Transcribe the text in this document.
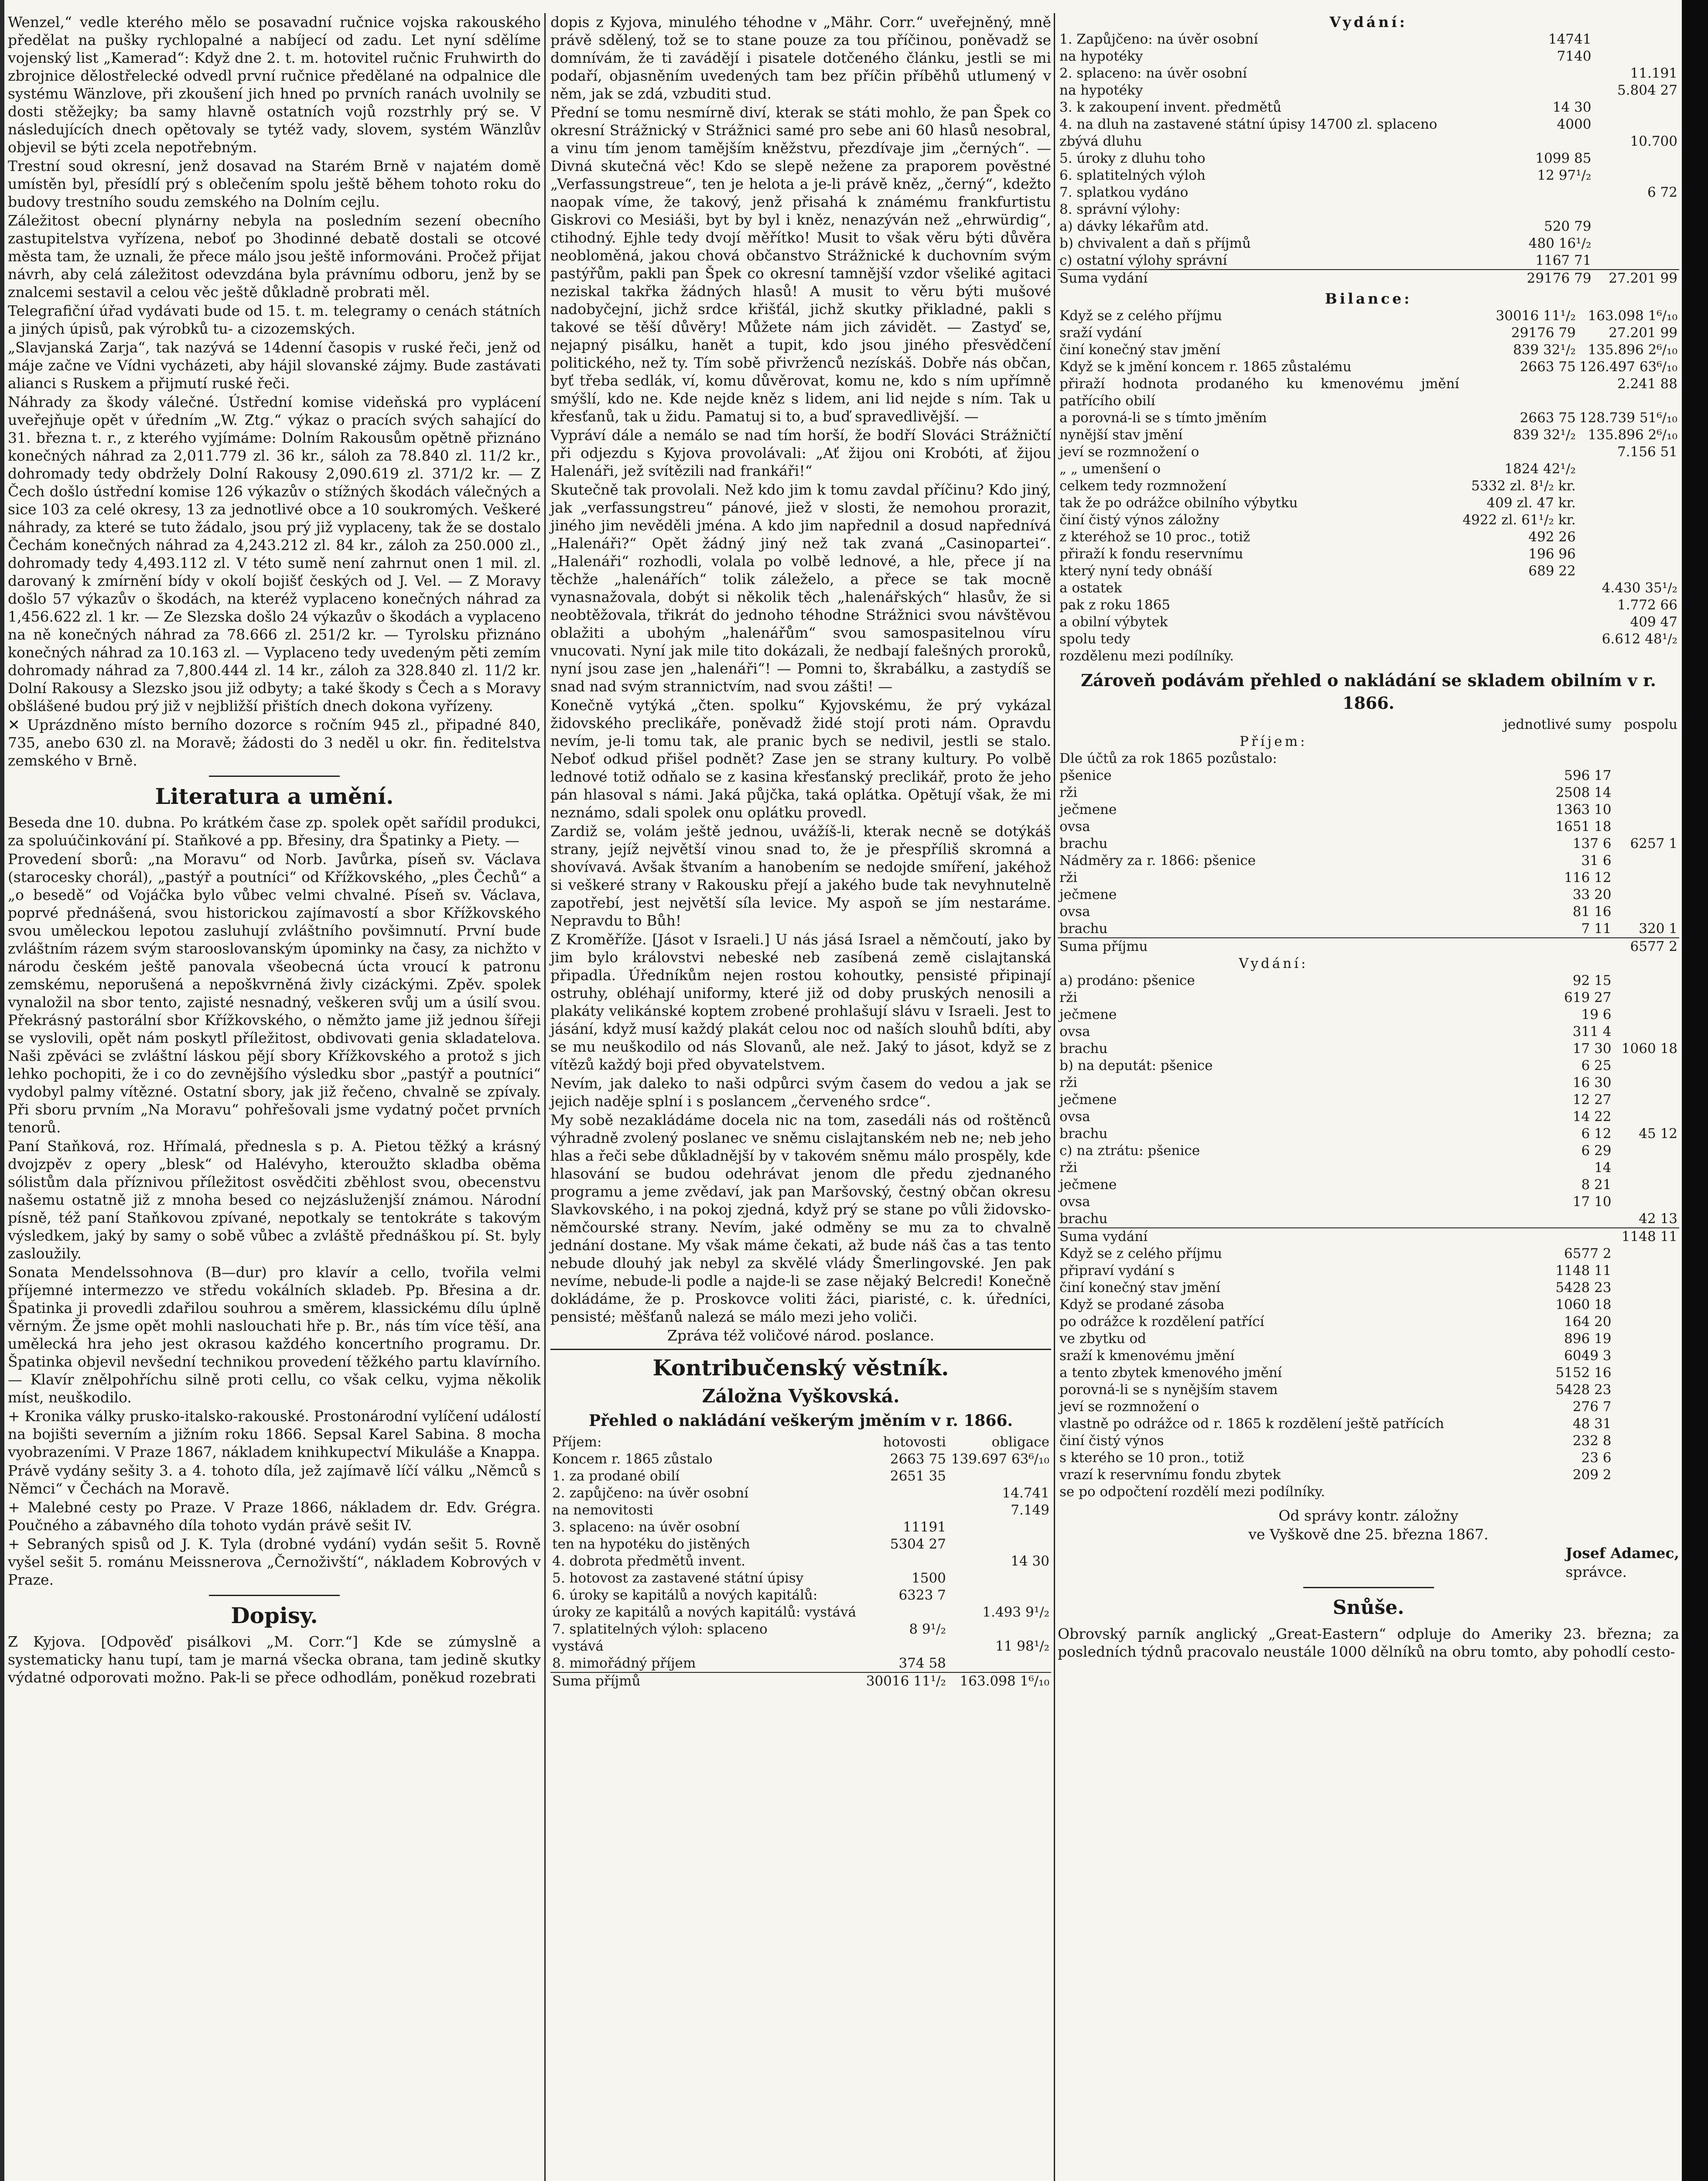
Wenzel,“ vedle kterého mělo se posavadní ručnice vojska rakouského předělat na pušky rychlopalné a nabíjecí od zadu. Let nyní sdělíme vojenský list „Kamerad“: Když dne 2. t. m. hotovitel ručnic Fruhwirth do zbrojnice dělostřelecké odvedl první ručnice předělané na odpalnice dle systému Wänzlove, při zkoušení jich hned po prvních ranách uvolnily se dosti stěžejky; ba samy hlavně ostatních vojů rozstrhly prý se. V následujících dnech opětovaly se tytéž vady, slovem, systém Wänzlův objevil se býti zcela nepotřebným.

Trestní soud okresní, jenž dosavad na Starém Brně v najatém domě umístěn byl, přesídlí prý s oblečením spolu ještě během tohoto roku do budovy trestního soudu zemského na Dolním cejlu.

Záležitost obecní plynárny nebyla na posledním sezení obecního zastupitelstva vyřízena, neboť po 3hodinné debatě dostali se otcové města tam, že uznali, že přece málo jsou ještě informováni. Pročež přijat návrh, aby celá záležitost odevzdána byla právnímu odboru, jenž by se znalcemi sestavil a celou věc ještě důkladně probrati měl.

Telegrafiční úřad vydávati bude od 15. t. m. telegramy o cenách státních a jiných úpisů, pak výrobků tu- a cizozemských.

„Slavjanská Zarja“, tak nazývá se 14denní časopis v ruské řeči, jenž od máje začne ve Vídni vycházeti, aby hájil slovanské zájmy. Bude zastávati alianci s Ruskem a přijmutí ruské řeči.

Náhrady za škody válečné. Ústřední komise videňská pro vyplácení uveřejňuje opět v úředním „W. Ztg.“ výkaz o pracích svých sahající do 31. března t. r., z kterého vyjímáme: Dolním Rakousům opětně přiznáno konečných náhrad za 2,011.779 zl. 36 kr., sáloh za 78.840 zl. 11/2 kr., dohromady tedy obdržely Dolní Rakousy 2,090.619 zl. 371/2 kr. — Z Čech došlo ústřední komise 126 výkazův o stížných škodách válečných a sice 103 za celé okresy, 13 za jednotlivé obce a 10 soukromých. Veškeré náhrady, za které se tuto žádalo, jsou prý již vyplaceny, tak že se dostalo Čechám konečných náhrad za 4,243.212 zl. 84 kr., záloh za 250.000 zl., dohromady tedy 4,493.112 zl. V této sumě není zahrnut onen 1 mil. zl. darovaný k zmírnění bídy v okolí bojišť českých od J. Vel. — Z Moravy došlo 57 výkazův o škodách, na kteréž vyplaceno konečných náhrad za 1,456.622 zl. 1 kr. — Ze Slezska došlo 24 výkazův o škodách a vyplaceno na ně konečných náhrad za 78.666 zl. 251/2 kr. — Tyrolsku přiznáno konečných náhrad za 10.163 zl. — Vyplaceno tedy uvedeným pěti zemím dohromady náhrad za 7,800.444 zl. 14 kr., záloh za 328.840 zl. 11/2 kr. Dolní Rakousy a Slezsko jsou již odbyty; a také škody s Čech a s Moravy obšlášené budou prý již v nejbližší přištích dnech dokona vyřízeny.

✕ Uprázdněno místo berního dozorce s ročním 945 zl., připadné 840, 735, anebo 630 zl. na Moravě; žádosti do 3 neděl u okr. fin. ředitelstva zemského v Brně.

Literatura a umění.

Beseda dne 10. dubna. Po krátkém čase zp. spolek opět sařídil produkci, za spoluúčinkování pí. Staňkové a pp. Břesiny, dra Špatinky a Piety. —

Provedení sborů: „na Moravu“ od Norb. Javůrka, píseň sv. Václava (starocesky chorál), „pastýř a poutníci“ od Křížkovského, „ples Čechů“ a „o besedě“ od Vojáčka bylo vůbec velmi chvalné. Píseň sv. Václava, poprvé přednášená, svou historickou zajímavostí a sbor Křížkovského svou uměleckou lepotou zasluhují zvláštního povšimnutí. První bude zvláštním rázem svým starooslovanským úpominky na časy, za nichžto v národu českém ještě panovala všeobecná úcta vroucí k patronu zemskému, neporušená a nepoškvrněná živly cizáckými. Zpěv. spolek vynaložil na sbor tento, zajisté nesnadný, veškeren svůj um a úsilí svou. Překrásný pastorální sbor Křížkovského, o němžto jame již jednou šířeji se vyslovili, opět nám poskytl příležitost, obdivovati genia skladatelova. Naši zpěváci se zvláštní láskou pějí sbory Křížkovského a protož s jich lehko pochopiti, že i co do zevnějšího výsledku sbor „pastýř a poutníci“ vydobyl palmy vítězné. Ostatní sbory, jak již řečeno, chvalně se zpívaly. Při sboru prvním „Na Moravu“ pohřešovali jsme vydatný počet prvních tenorů.

Paní Staňková, roz. Hřímalá, přednesla s p. A. Pietou těžký a krásný dvojzpěv z opery „blesk“ od Halévyho, kteroužto skladba oběma sólistům dala příznivou příležitost osvědčiti zběhlost svou, obecenstvu našemu ostatně již z mnoha besed co nejzásluženjší známou. Národní písně, též paní Staňkovou zpívané, nepotkaly se tentokráte s takovým výsledkem, jaký by samy o sobě vůbec a zvláště přednáškou pí. St. byly zasloužily.

Sonata Mendelssohnova (B—dur) pro klavír a cello, tvořila velmi příjemné intermezzo ve středu vokálních skladeb. Pp. Břesina a dr. Špatinka ji provedli zdařilou souhrou a směrem, klassickému dílu úplně věrným. Že jsme opět mohli naslouchati hře p. Br., nás tím více těší, ana umělecká hra jeho jest okrasou každého koncertního programu. Dr. Špatinka objevil nevšední technikou provedení těžkého partu klavírního. — Klavír znělpohříchu silně proti cellu, co však celku, vyjma několik míst, neuškodilo.

+ Kronika války prusko-italsko-rakouské. Prostonárodní vylíčení událostí na bojišti severním a jižním roku 1866. Sepsal Karel Sabina. 8 mocha vyobrazeními. V Praze 1867, nákladem knihkupectví Mikuláše a Knappa.

Právě vydány sešity 3. a 4. tohoto díla, jež zajímavě líčí válku „Němců s Němci“ v Čechách na Moravě.

+ Malebné cesty po Praze. V Praze 1866, nákladem dr. Edv. Grégra. Poučného a zábavného díla tohoto vydán právě sešit IV.

+ Sebraných spisů od J. K. Tyla (drobné vydání) vydán sešit 5. Rovně vyšel sešit 5. románu Meissnerova „Černoživští“, nákladem Kobrových v Praze.

Dopisy.

Z Kyjova. [Odpověď pisálkovi „M. Corr.“] Kde se zúmyslně a systematicky hanu tupí, tam je marná všecka obrana, tam jedině skutky výdatné odporovati možno. Pak-li se přece odhodlám, poněkud rozebrati

dopis z Kyjova, minulého téhodne v „Mähr. Corr.“ uveřejněný, mně právě sdělený, tož se to stane pouze za tou příčinou, poněvadž se domnívám, že ti zavádějí i pisatele dotčeného článku, jestli se mi podaří, objasněním uvedených tam bez příčin příběhů utlumený v něm, jak se zdá, vzbuditi stud.

Přední se tomu nesmírně diví, kterak se státi mohlo, že pan Špek co okresní Strážnický v Strážnici samé pro sebe ani 60 hlasů nesobral, a vinu tím jenom tamějším kněžstvu, přezdívaje jim „černých“. — Divná skutečná věc! Kdo se slepě nežene za praporem pověstné „Verfassungstreue“, ten je helota a je-li právě kněz, „černý“, kdežto naopak víme, že takový, jenž přisahá k známému frankfurtistu Giskrovi co Mesiáši, byt by byl i kněz, nenazýván než „ehrwürdig“, ctihodný. Ejhle tedy dvojí měřítko! Musit to však věru býti důvěra neobloměná, jakou chová občanstvo Strážnické k duchovním svým pastýřům, pakli pan Špek co okresní tamnější vzdor všeliké agitaci neziskal takřka žádných hlasů! A musit to věru býti mušové nadobyčejní, jichž srdce křišťál, jichž skutky přikladné, pakli s takové se těší důvěry! Můžete nám jich závidět. — Zastyď se, nejapný pisálku, hanět a tupit, kdo jsou jiného přesvědčení politického, než ty. Tím sobě přivrženců nezískáš. Dobře nás občan, byť třeba sedlák, ví, komu důvěrovat, komu ne, kdo s ním upřímně smýšlí, kdo ne. Kde nejde kněz s lidem, ani lid nejde s ním. Tak u křesťanů, tak u židu. Pamatuj si to, a buď spravedlivější. —

Vypráví dále a nemálo se nad tím horší, že bodří Slováci Strážničtí při odjezdu s Kyjova provolávali: „Ať žijou oni Krobóti, ať žijou Halenáři, jež svítězili nad frankáři!“

Skutečně tak provolali. Než kdo jim k tomu zavdal příčinu? Kdo jiný, jak „verfassungstreu“ pánové, jiež v slosti, že nemohou prorazit, jiného jim nevěděli jména. A kdo jim napřednil a dosud napřednívá „Halenáři?“ Opět žádný jiný než tak zvaná „Casinopartei“. „Halenáři“ rozhodli, volala po volbě lednové, a hle, přece jí na těchže „halenářích“ tolik záleželo, a přece se tak mocně vynasnažovala, dobýt si několik těch „halenářských“ hlasův, že si neobtěžovala, třikrát do jednoho téhodne Strážnici svou návštěvou oblažiti a ubohým „halenářům“ svou samospasitelnou víru vnucovati. Nyní jak mile tito dokázali, že nedbají falešných proroků, nyní jsou zase jen „halenáři“! — Pomni to, škrabálku, a zastydíš se snad nad svým strannictvím, nad svou zášti! —

Konečně vytýká „čten. spolku“ Kyjovskému, že prý vykázal židovského preclikáře, poněvadž židé stojí proti nám. Opravdu nevím, je-li tomu tak, ale pranic bych se nedivil, jestli se stalo. Neboť odkud přišel podnět? Zase jen se strany kultury. Po volbě lednové totiž odňalo se z kasina křesťanský preclikář, proto že jeho pán hlasoval s námi. Jaká půjčka, taká oplátka. Opětují však, že mi neznámo, sdali spolek onu oplátku provedl.

Zardiž se, volám ještě jednou, uvážíš-li, kterak necně se dotýkáš strany, jejíž největší vinou snad to, že je přespříliš skromná a shovívavá. Avšak štvaním a hanobením se nedojde smíření, jakéhož si veškeré strany v Rakousku přejí a jakého bude tak nevyhnutelně zapotřebí, jest největší síla levice. My aspoň se jím nestaráme. Nepravdu to Bůh!

Z Kroměříže. [Jásot v Israeli.] U nás jásá Israel a němčoutí, jako by jim bylo královstvi nebeské neb zasíbená země cislajtanská připadla. Úředníkům nejen rostou kohoutky, pensisté připinají ostruhy, obléhají uniformy, které již od doby pruských nenosili a plakáty velikánské koptem zrobené prohlašují slávu v Israeli. Jest to jásání, když musí každý plakát celou noc od naších slouhů bdíti, aby se mu neuškodilo od nás Slovanů, ale než. Jaký to jásot, když se z vítězů každý boji před obyvatelstvem.

Nevím, jak daleko to naši odpůrci svým časem do vedou a jak se jejich naděje splní i s poslancem „červeného srdce“.

My sobě nezakládáme docela nic na tom, zasedáli nás od roštěnců výhradně zvolený poslanec ve sněmu cislajtanském neb ne; neb jeho hlas a řeči sebe důkladnější by v takovém sněmu málo prospěly, kde hlasování se budou odehrávat jenom dle předu zjednaného programu a jeme zvědaví, jak pan Maršovský, čestný občan okresu Slavkovského, i na pokoj zjedná, když prý se stane po vůli židovsko-němčourské strany. Nevím, jaké odměny se mu za to chvalně jednání dostane. My však máme čekati, až bude náš čas a tas tento nebude dlouhý jak nebyl za skvělé vlády Šmerlingovské. Jen pak nevíme, nebude-li podle a najde-li se zase nějaký Belcredi! Konečně dokládáme, že p. Proskovce voliti žáci, piaristé, c. k. úředníci, pensisté; měšťanů nalezá se málo mezi jeho voliči.

Zpráva též voličové národ. poslance.

Kontribučenský věstník.
Záložna Vyškovská.
Přehled o nakládání veškerým jměním v r. 1866.
Příjem:	hotovosti	obligace
Koncem r. 1865 zůstalo	2663 75	139.697 63⁶/₁₀
1. za prodané obilí	2651 35	
2. zapůjčeno: na úvěr osobní		14.741
na nemovitosti		7.149
3. splaceno: na úvěr osobní	11191	
ten na hypotéku do jistěných	5304 27	
4. dobrota předmětů invent.		14 30
5. hotovost za zastavené státní úpisy	1500	
6. úroky se kapitálů a nových kapitálů:	6323 7	
úroky ze kapitálů a nových kapitálů: vystává		1.493 9¹/₂
7. splatitelných výloh: splaceno	8 9¹/₂	
vystává		11 98¹/₂
8. mimořádný příjem	374 58	
Suma příjmů	30016 11¹/₂	163.098 1⁶/₁₀
Vydání:
1. Zapůjčeno: na úvěr osobní	14741	
na hypotéky	7140	
2. splaceno: na úvěr osobní		11.191
na hypotéky		5.804 27
3. k zakoupení invent. předmětů	14 30	
4. na dluh na zastavené státní úpisy 14700 zl. splaceno	4000	
zbývá dluhu		10.700
5. úroky z dluhu toho	1099 85	
6. splatitelných výloh	12 97¹/₂	
7. splatkou vydáno		6 72
8. správní výlohy:		
a) dávky lékařům atd.	520 79	
b) chvivalent a daň s příjmů	480 16¹/₂	
c) ostatní výlohy správní	1167 71	
Suma vydání	29176 79	27.201 99
Bilance:
Když se z celého příjmu	30016 11¹/₂	163.098 1⁶/₁₀
sraží vydání	29176 79	27.201 99
činí konečný stav jmění	839 32¹/₂	135.896 2⁶/₁₀
Když se k jmění koncem r. 1865 zůstalému	2663 75	126.497 63⁶/₁₀
přiraží hodnota prodaného ku kmenovému jmění patřícího obilí		2.241 88
a porovná-li se s tímto jměním	2663 75	128.739 51⁶/₁₀
nynější stav jmění	839 32¹/₂	135.896 2⁶/₁₀
jeví se rozmnožení o		7.156 51
„ „ umenšení o	1824 42¹/₂	
celkem tedy rozmnožení	5332 zl. 8¹/₂ kr.	
tak že po odrážce obilního výbytku	409 zl. 47 kr.	
činí čistý výnos záložny	4922 zl. 61¹/₂ kr.	
z kteréhož se 10 proc., totiž	492 26	
přiraží k fondu reservnímu	196 96	
který nyní tedy obnáší	689 22	
a ostatek		4.430 35¹/₂
pak z roku 1865		1.772 66
a obilní výbytek		409 47
spolu tedy		6.612 48¹/₂
rozdělenu mezi podílníky.		
Zároveň podávám přehled o nakládání se skladem obilním v r. 1866.
	jednotlivé sumy	pospolu
Příjem:		
Dle účtů za rok 1865 pozůstalo:		
pšenice	596 17	
rži	2508 14	
ječmene	1363 10	
ovsa	1651 18	
brachu	137 6	6257 1
Nádměry za r. 1866: pšenice	31 6	
rži	116 12	
ječmene	33 20	
ovsa	81 16	
brachu	7 11	320 1
Suma příjmu		6577 2
Vydání:		
a) prodáno: pšenice	92 15	
rži	619 27	
ječmene	19 6	
ovsa	311 4	
brachu	17 30	1060 18
b) na deputát: pšenice	6 25	
rži	16 30	
ječmene	12 27	
ovsa	14 22	
brachu	6 12	45 12
c) na ztrátu: pšenice	6 29	
rži	14	
ječmene	8 21	
ovsa	17 10	
brachu		42 13
Suma vydání		1148 11
Když se z celého příjmu	6577 2	
připraví vydání s	1148 11	
činí konečný stav jmění	5428 23	
Když se prodané zásoba	1060 18	
po odrážce k rozdělení patřící	164 20	
ve zbytku od	896 19	
sraží k kmenovému jmění	6049 3	
a tento zbytek kmenového jmění	5152 16	
porovná-li se s nynějším stavem	5428 23	
jeví se rozmnožení o	276 7	
vlastně po odrážce od r. 1865 k rozdělení ještě patřících	48 31	
činí čistý výnos	232 8	
s kterého se 10 pron., totiž	23 6	
vrazí k reservnímu fondu zbytek	209 2	
se po odpočtení rozdělí mezi podílníky.		

Od správy kontr. záložny

ve Vyškově dne 25. března 1867.

Josef Adamec,

správce.

Snůše.

Obrovský parník anglický „Great-Eastern“ odpluje do Ameriky 23. března; za posledních týdnů pracovalo neustále 1000 dělníků na obru tomto, aby pohodlí cesto-
